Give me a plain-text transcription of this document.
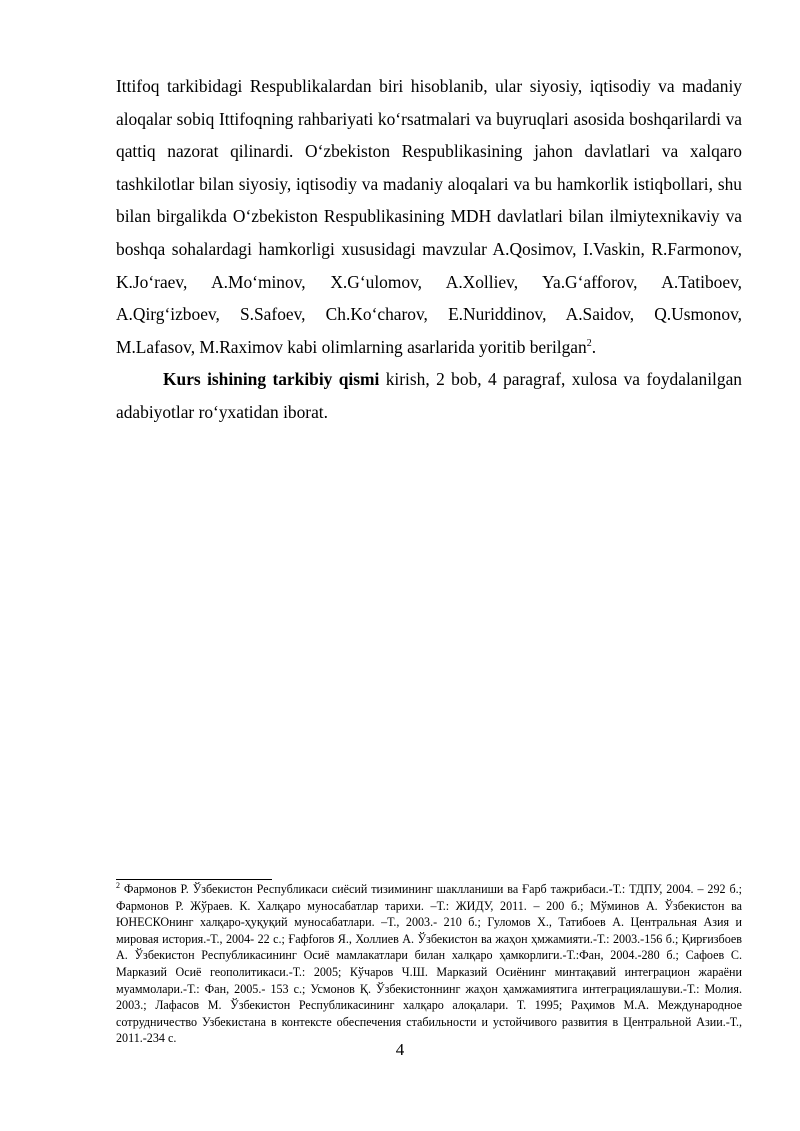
Ittifoq tarkibidagi Respublikalardan biri hisoblanib, ular siyosiy, iqtisodiy va madaniy aloqalar sobiq Ittifoqning rahbariyati ko‘rsatmalari va buyruqlari asosida boshqarilardi va qattiq nazorat qilinardi. O‘zbekiston Respublikasining jahon davlatlari va xalqaro tashkilotlar bilan siyosiy, iqtisodiy va madaniy aloqalari va bu hamkorlik istiqbollari, shu bilan birgalikda O‘zbekiston Respublikasining MDH davlatlari bilan ilmiytexnikaviy va boshqa sohalardagi hamkorligi xususidagi mavzular A.Qosimov, I.Vaskin, R.Farmonov, K.Jo‘raev, A.Mo‘minov, X.G‘ulomov, A.Xolliev, Ya.G‘afforov, A.Tatiboev, A.Qirg‘izboev, S.Safoev, Ch.Ko‘charov, E.Nuriddinov, A.Saidov, Q.Usmonov, M.Lafasov, M.Raximov kabi olimlarning asarlarida yoritib berilgan$^2$.

Kurs ishining tarkibiy qismi kirish, 2 bob, 4 paragraf, xulosa va foydalanilgan adabiyotlar ro‘yxatidan iborat.

$^2$ Фармонов Р. Ўзбекистон Республикаси сиёсий тизимининг шаклланиши ва Ғарб тажрибаси.-Т.: ТДПУ, 2004. – 292 б.; Фармонов Р. Жўраев. К. Халқаро муносабатлар тарихи. –Т.: ЖИДУ, 2011. – 200 б.; Мўминов А. Ўзбекистон ва ЮНЕСКОнинг халқаро-ҳуқуқий муносабатлари. –Т., 2003.- 210 б.; Гуломов Х., Татибоев А. Центральная Азия и мировая история.-Т., 2004- 22 с.; Ғафforов Я., Холлиев А. Ўзбекистон ва жаҳон ҳмжамияти.-Т.: 2003.-156 б.; Қирғизбоев А. Ўзбекистон Республикасининг Осиё мамлакатлари билан халқаро ҳамкорлиги.-Т.:Фан, 2004.-280 б.; Сафоев С. Марказий Осиё геополитикаси.-Т.: 2005; Кўчаров Ч.Ш. Марказий Осиёнинг минтақавий интеграцион жараёни муаммолари.-Т.: Фан, 2005.- 153 с.; Усмонов Қ. Ўзбекистоннинг жаҳон ҳамжамиятига интеграциялашуви.-Т.: Молия. 2003.; Лафасов М. Ўзбекистон Республикасининг халқаро алоқалари. Т. 1995; Раҳимов М.А. Международное сотрудничество Узбекистана в контексте обеспечения стабильности и устойчивого развития в Центральной Азии.-Т., 2011.-234 с.
4
